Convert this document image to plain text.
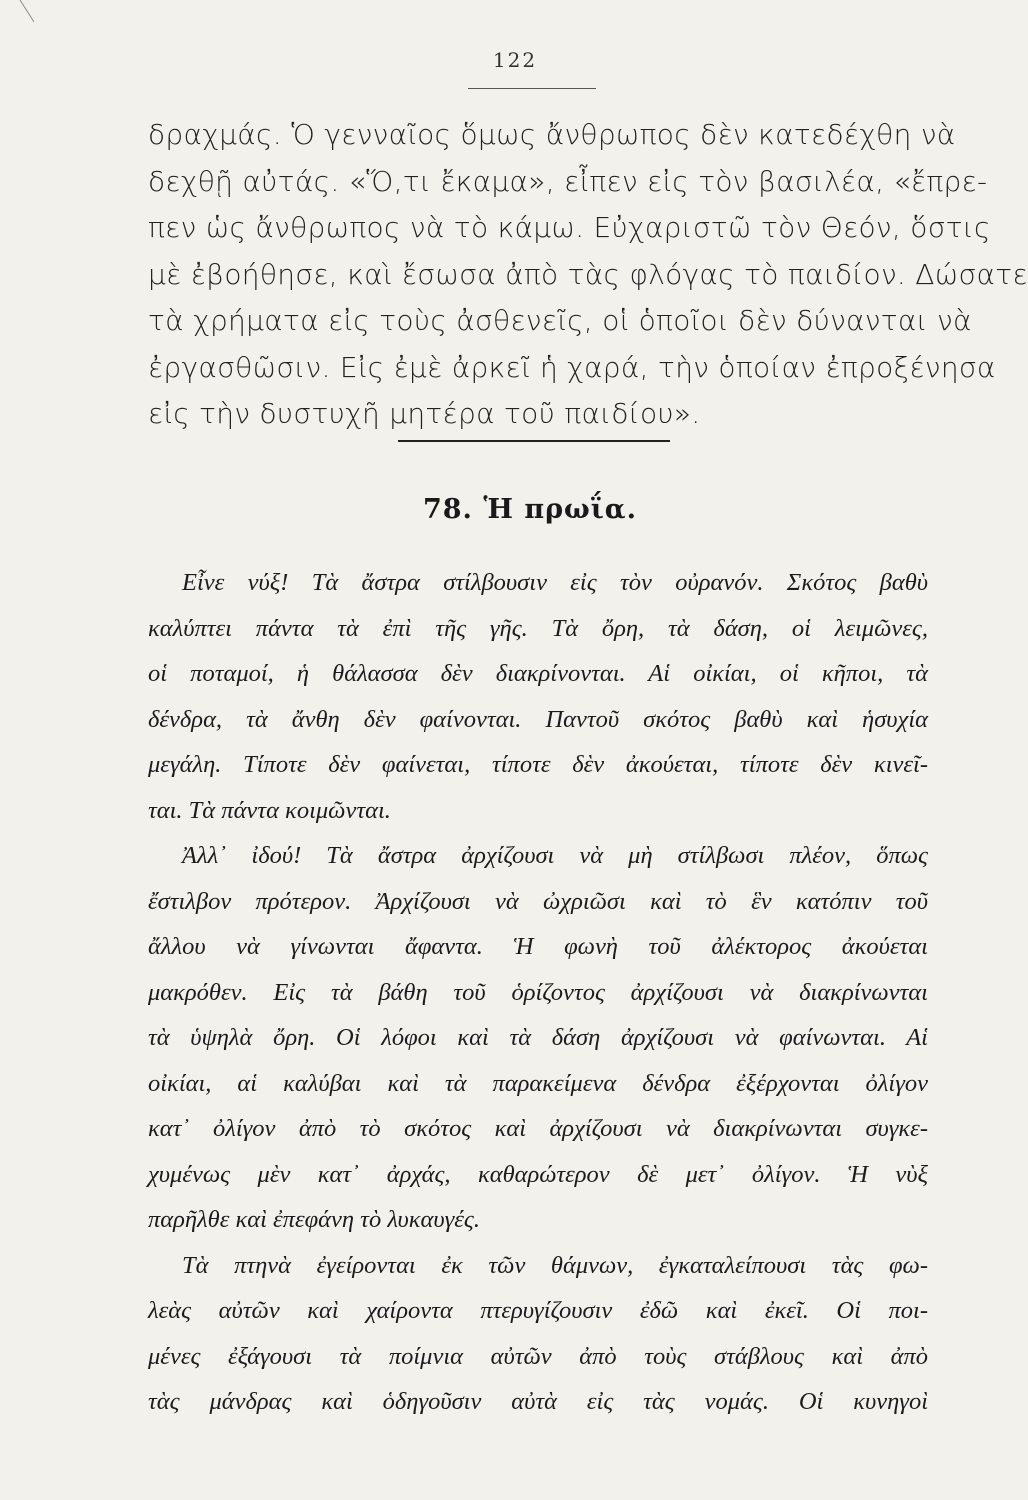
122
δραχμάς. Ὁ γενναῖος ὅμως ἄνθρωπος δὲν κατεδέχθη νὰ
δεχθῇ αὐτάς. «Ὅ,τι ἔκαμα», εἶπεν εἰς τὸν βασιλέα, «ἔπρε-
πεν ὡς ἄνθρωπος νὰ τὸ κάμω. Εὐχαριστῶ τὸν Θεόν, ὅστις
μὲ ἐβοήθησε, καὶ ἔσωσα ἀπὸ τὰς φλόγας τὸ παιδίον. Δώσατε
τὰ χρήματα εἰς τοὺς ἀσθενεῖς, οἱ ὁποῖοι δὲν δύνανται νὰ
ἐργασθῶσιν. Εἰς ἐμὲ ἀρκεῖ ἡ χαρά, τὴν ὁποίαν ἐπροξένησα
εἰς τὴν δυστυχῆ μητέρα τοῦ παιδίου».
78. Ἡ πρωΐα.
Εἶνε νύξ! Τὰ ἄστρα στίλβουσιν εἰς τὸν οὐρανόν. Σκότος βαθὺ
καλύπτει πάντα τὰ ἐπὶ τῆς γῆς. Τὰ ὄρη, τὰ δάση, οἱ λειμῶνες,
οἱ ποταμοί, ἡ θάλασσα δὲν διακρίνονται. Αἱ οἰκίαι, οἱ κῆποι, τὰ
δένδρα, τὰ ἄνθη δὲν φαίνονται. Παντοῦ σκότος βαθὺ καὶ ἡσυχία
μεγάλη. Τίποτε δὲν φαίνεται, τίποτε δὲν ἀκούεται, τίποτε δὲν κινεῖ-
ται. Τὰ πάντα κοιμῶνται.
Ἀλλ᾿ ἰδού! Τὰ ἄστρα ἀρχίζουσι νὰ μὴ στίλβωσι πλέον, ὅπως
ἔστιλβον πρότερον. Ἀρχίζουσι νὰ ὠχριῶσι καὶ τὸ ἓν κατόπιν τοῦ
ἄλλου νὰ γίνωνται ἄφαντα. Ἡ φωνὴ τοῦ ἀλέκτορος ἀκούεται
μακρόθεν. Εἰς τὰ βάθη τοῦ ὁρίζοντος ἀρχίζουσι νὰ διακρίνωνται
τὰ ὑψηλὰ ὄρη. Οἱ λόφοι καὶ τὰ δάση ἀρχίζουσι νὰ φαίνωνται. Αἱ
οἰκίαι, αἱ καλύβαι καὶ τὰ παρακείμενα δένδρα ἐξέρχονται ὀλίγον
κατ᾿ ὀλίγον ἀπὸ τὸ σκότος καὶ ἀρχίζουσι νὰ διακρίνωνται συγκε-
χυμένως μὲν κατ᾿ ἀρχάς, καθαρώτερον δὲ μετ᾿ ὀλίγον. Ἡ νὺξ
παρῆλθε καὶ ἐπεφάνη τὸ λυκαυγές.
Τὰ πτηνὰ ἐγείρονται ἐκ τῶν θάμνων, ἐγκαταλείπουσι τὰς φω-
λεὰς αὐτῶν καὶ χαίροντα πτερυγίζουσιν ἐδῶ καὶ ἐκεῖ. Οἱ ποι-
μένες ἐξάγουσι τὰ ποίμνια αὐτῶν ἀπὸ τοὺς στάβλους καὶ ἀπὸ
τὰς μάνδρας καὶ ὁδηγοῦσιν αὐτὰ εἰς τὰς νομάς. Οἱ κυνηγοὶ
